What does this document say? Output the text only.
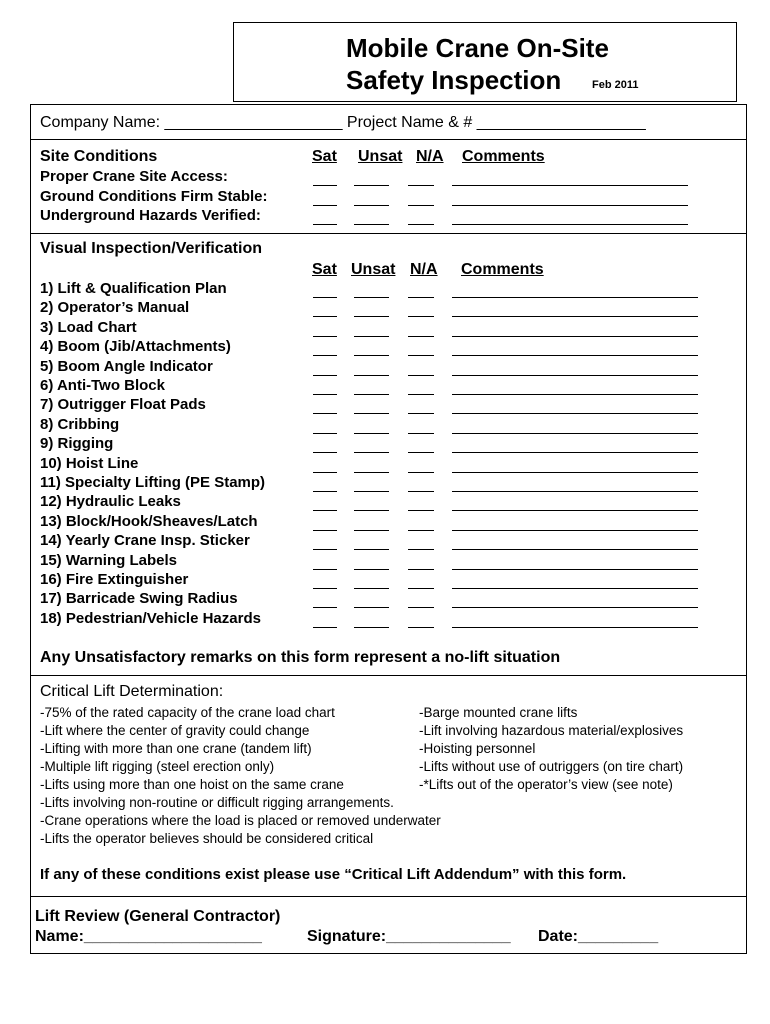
Mobile Crane On-Site
Safety Inspection	Feb 2011
Company Name: ____________________ Project Name & # ___________________
Site Conditions	Sat Unsat N/A Comments
Proper Crane Site Access:
Ground Conditions Firm Stable:
Underground Hazards Verified:
Visual Inspection/Verification
Sat Unsat N/A Comments
1) Lift & Qualification Plan
2) Operator’s Manual
3) Load Chart
4) Boom (Jib/Attachments)
5) Boom Angle Indicator
6) Anti-Two Block
7) Outrigger Float Pads
8) Cribbing
9) Rigging
10) Hoist Line
11) Specialty Lifting (PE Stamp)
12) Hydraulic Leaks
13) Block/Hook/Sheaves/Latch
14) Yearly Crane Insp. Sticker
15) Warning Labels
16) Fire Extinguisher
17) Barricade Swing Radius
18) Pedestrian/Vehicle Hazards
Any Unsatisfactory remarks on this form represent a no-lift situation
Critical Lift Determination:
-75% of the rated capacity of the crane load chart
-Lift where the center of gravity could change
-Lifting with more than one crane (tandem lift)
-Multiple lift rigging (steel erection only)
-Lifts using more than one hoist on the same crane
-Lifts involving non-routine or difficult rigging arrangements.
-Crane operations where the load is placed or removed underwater
-Lifts the operator believes should be considered critical
-Barge mounted crane lifts
-Lift involving hazardous material/explosives
-Hoisting personnel
-Lifts without use of outriggers (on tire chart)
-*Lifts out of the operator’s view (see note)
If any of these conditions exist please use “Critical Lift Addendum” with this form.
Lift Review (General Contractor)
Name:____________________	Signature:______________ Date:_________
